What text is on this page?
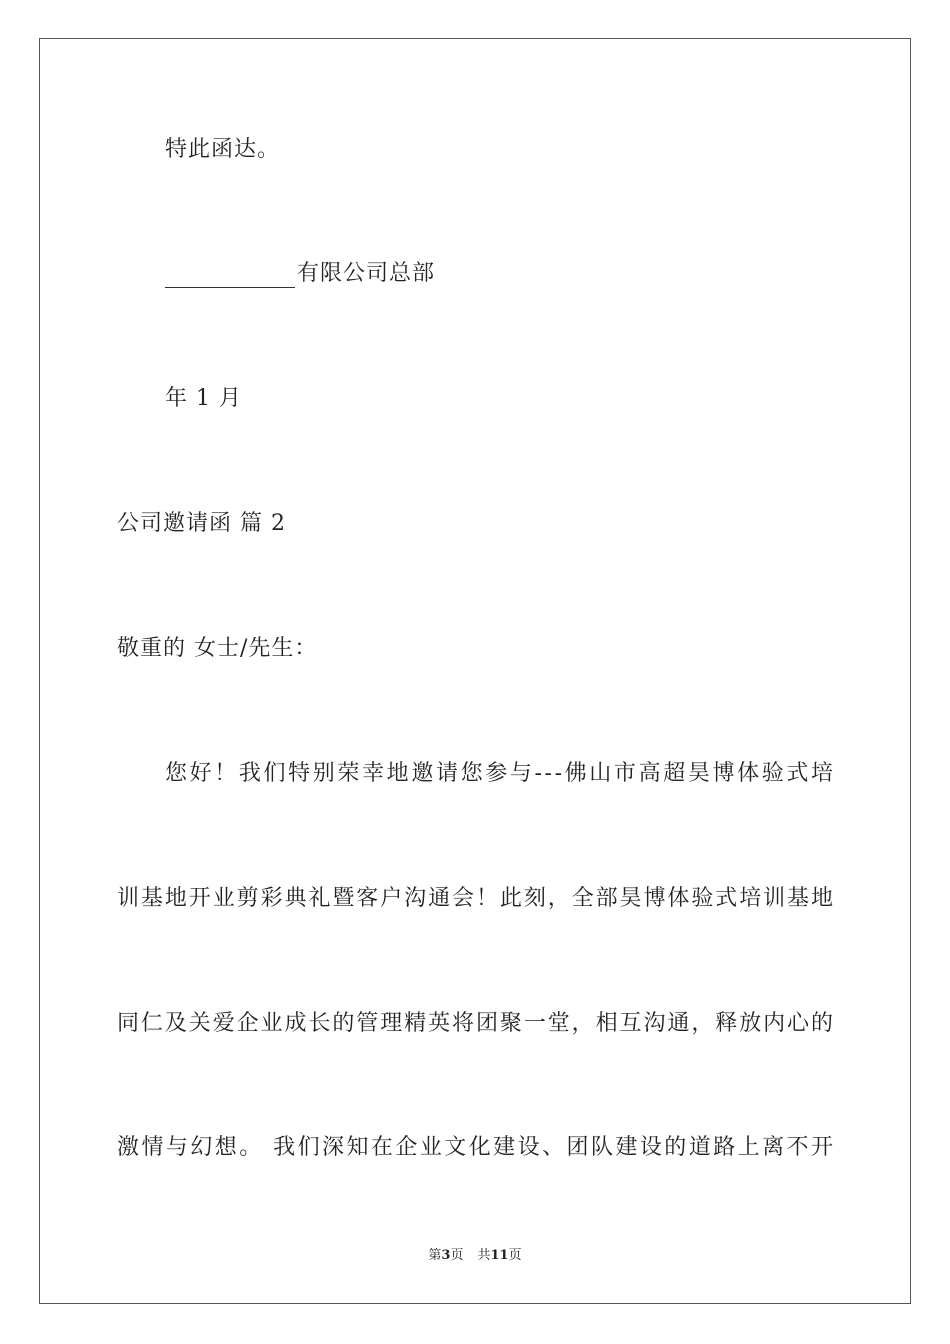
特此函达。
有限公司总部
年 1 月
公司邀请函 篇 2
敬重的 女士/先生：
您好！我们特别荣幸地邀请您参与---佛山市高超昊博体验式培
训基地开业剪彩典礼暨客户沟通会！此刻，全部昊博体验式培训基地
同仁及关爱企业成长的管理精英将团聚一堂，相互沟通，释放内心的
激情与幻想。 我们深知在企业文化建设、团队建设的道路上离不开
第3页 共11页
